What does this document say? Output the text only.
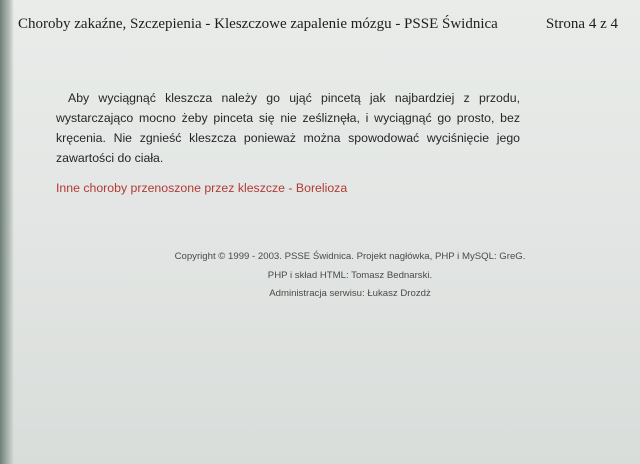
Choroby zakaźne, Szczepienia - Kleszczowe zapalenie mózgu - PSSE Świdnica	Strona 4 z 4

Aby wyciągnąć kleszcza należy go ująć pincetą jak najbardziej z przodu, wystarczająco mocno żeby pinceta się nie ześliznęła, i wyciągnąć go prosto, bez kręcenia. Nie zgnieść kleszcza ponieważ można spowodować wyciśnięcie jego zawartości do ciała.

Inne choroby przenoszone przez kleszcze - Borelioza
Copyright © 1999 - 2003. PSSE Świdnica. Projekt nagłówka, PHP i MySQL: GreG.
PHP i skład HTML: Tomasz Bednarski.
Administracja serwisu: Łukasz Drozdż
